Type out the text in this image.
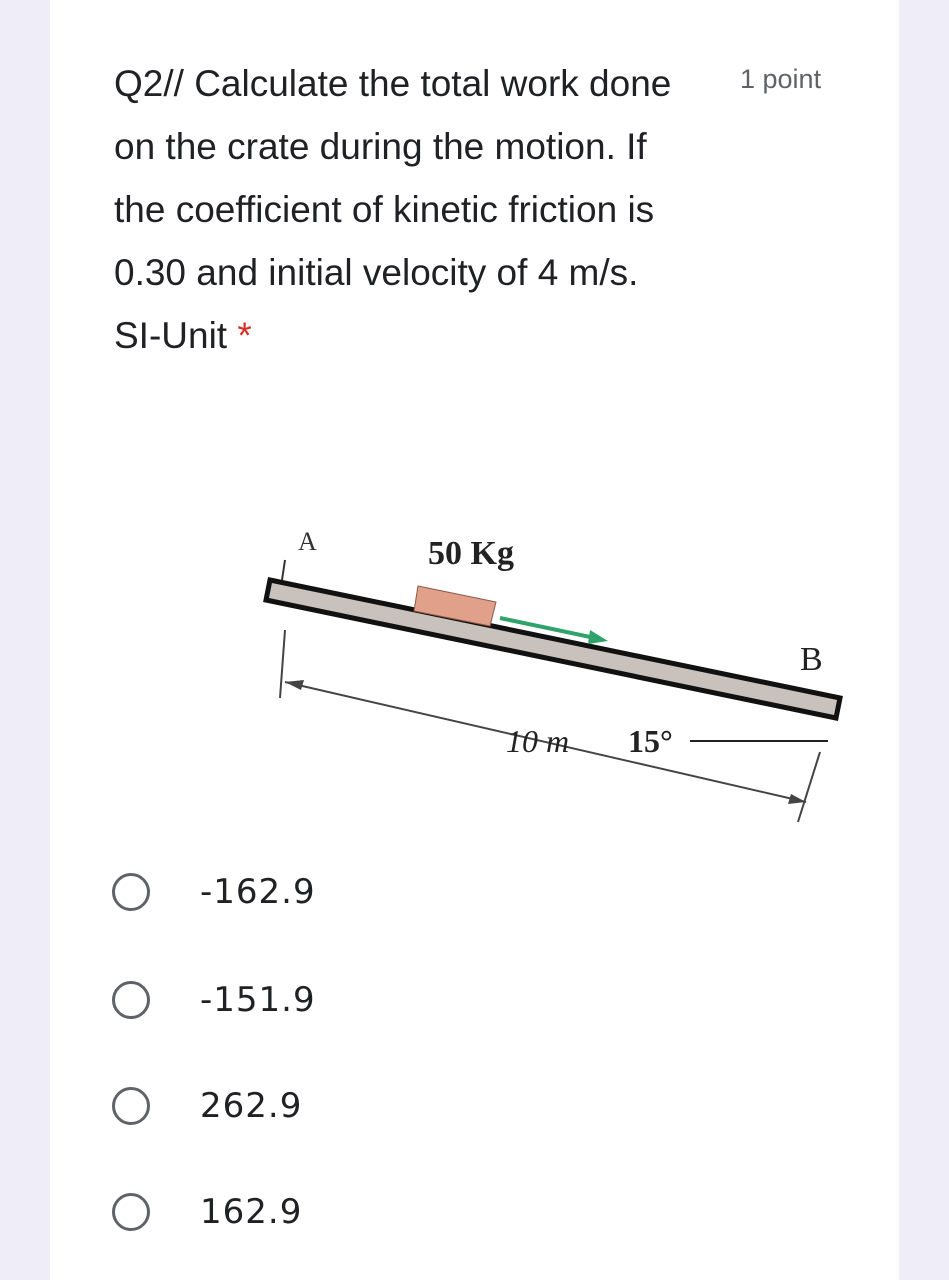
Q2// Calculate the total work done on the crate during the motion. If the coefficient of kinetic friction is 0.30 and initial velocity of 4 m/s. SI-Unit *
1 point
A
B
50 Kg
10 m 15°
-162.9
-151.9
262.9
162.9
